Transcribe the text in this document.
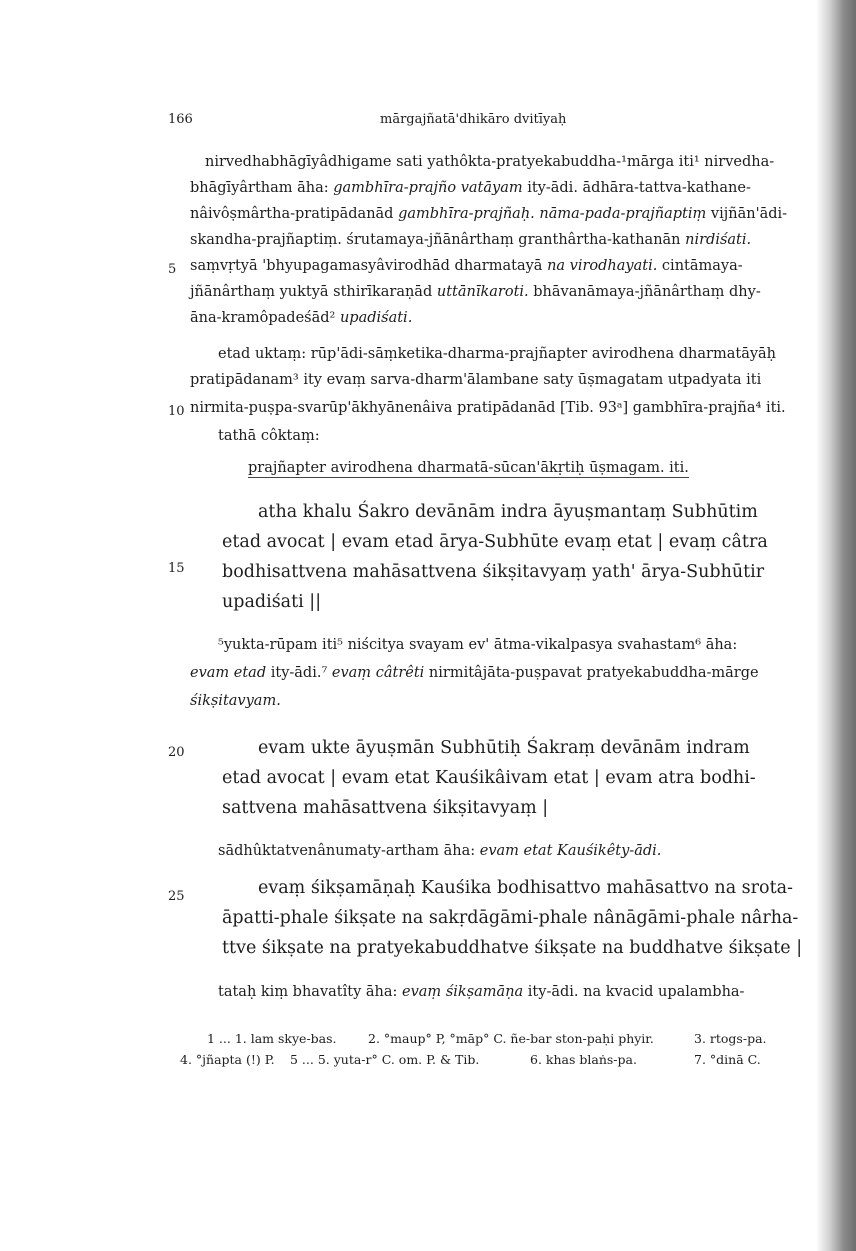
166	mārgajñatā'dhikāro dvitīyaḥ
5
10
15
20
25
nirvedhabhāgīyâdhigame sati yathôkta-pratyekabuddha-¹mārga iti¹ nirvedha-
bhāgīyârtham āha: gambhīra-prajño vatāyam ity-ādi. ādhāra-tattva-kathane-
nâivôṣmârtha-pratipādanād gambhīra-prajñaḥ. nāma-pada-prajñaptiṃ vijñān'ādi-
skandha-prajñaptiṃ. śrutamaya-jñānârthaṃ granthârtha-kathanān nirdiśati.
saṃvṛtyā 'bhyupagamasyâvirodhād dharmatayā na virodhayati. cintāmaya-
jñānârthaṃ yuktyā sthirīkaraṇād uttānīkaroti. bhāvanāmaya-jñānârthaṃ dhy-
āna-kramôpadeśād² upadiśati.
etad uktaṃ: rūp'ādi-sāṃketika-dharma-prajñapter avirodhena dharmatāyāḥ
pratipādanam³ ity evaṃ sarva-dharm'ālambane saty ūṣmagatam utpadyata iti
nirmita-puṣpa-svarūp'ākhyānenâiva pratipādanād [Tib. 93ᵃ] gambhīra-prajña⁴ iti.
tathā côktaṃ:
prajñapter avirodhena dharmatā-sūcan'ākṛtiḥ ūṣmagam. iti.
atha khalu Śakro devānām indra āyuṣmantaṃ Subhūtim
etad avocat | evam etad ārya-Subhūte evaṃ etat | evaṃ câtra
bodhisattvena mahāsattvena śikṣitavyaṃ yath' ārya-Subhūtir
upadiśati ||
⁵yukta-rūpam iti⁵ niścitya svayam ev' ātma-vikalpasya svahastam⁶ āha:
evam etad ity-ādi.⁷ evaṃ câtrêti nirmitâjāta-puṣpavat pratyekabuddha-mārge
śikṣitavyam.
evam ukte āyuṣmān Subhūtiḥ Śakraṃ devānām indram
etad avocat | evam etat Kauśikâivam etat | evam atra bodhi-
sattvena mahāsattvena śikṣitavyaṃ |
sādhûktatvenânumaty-artham āha: evam etat Kauśikêty-ādi.
evaṃ śikṣamāṇaḥ Kauśika bodhisattvo mahāsattvo na srota-
āpatti-phale śikṣate na sakṛdāgāmi-phale nânāgāmi-phale nârha-
ttve śikṣate na pratyekabuddhatve śikṣate na buddhatve śikṣate |
tataḥ kiṃ bhavatîty āha: evaṃ śikṣamāṇa ity-ādi. na kvacid upalambha-
1 ... 1. lam skye-bas.	2. °maup° P, °māp° C. ñe-bar ston-paḥi phyir.	3. rtogs-pa.
4. °jñapta (!) P. 5 ... 5. yuta-r° C. om. P. & Tib.	6. khas blaṅs-pa.	7. °dinā C.
